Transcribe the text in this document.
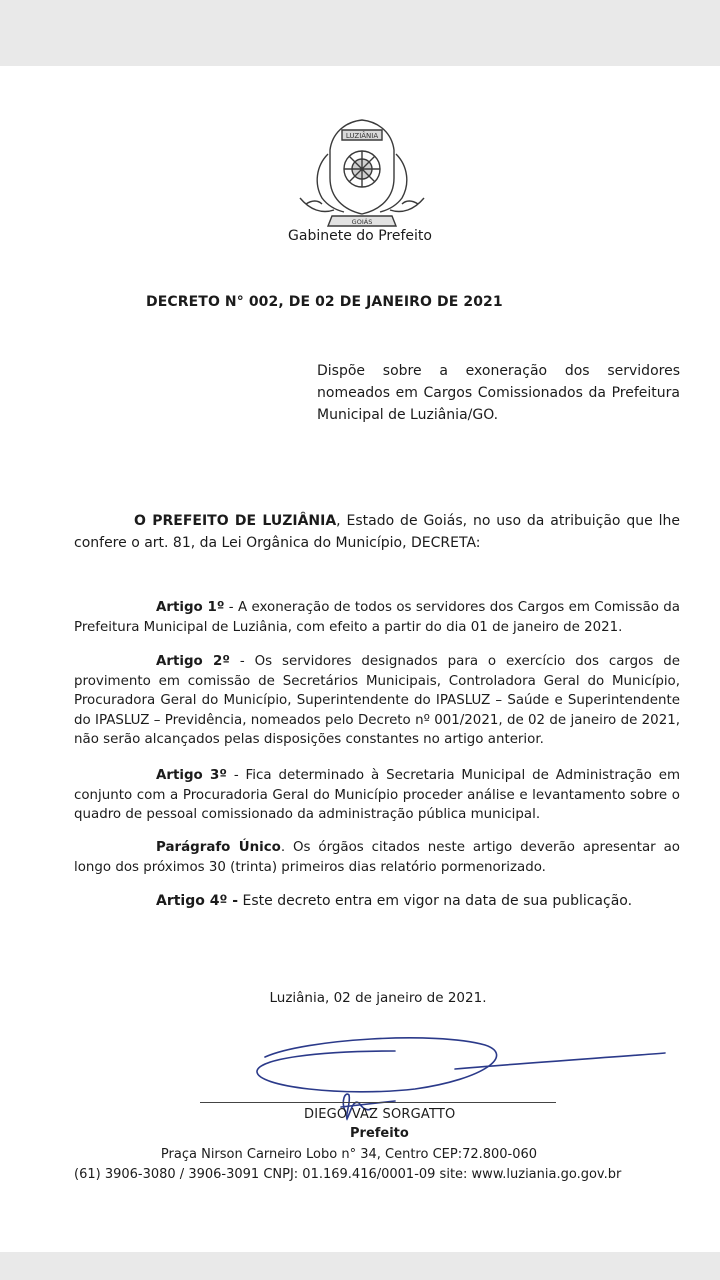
LUZIÂNIA
GOIÁS
Gabinete do Prefeito
DECRETO N° 002, DE 02 DE JANEIRO DE 2021
Dispõe sobre a exoneração dos servidores nomeados em Cargos Comissionados da Prefeitura Municipal de Luziânia/GO.
O PREFEITO DE LUZIÂNIA, Estado de Goiás, no uso da atribuição que lhe confere o art. 81, da Lei Orgânica do Município, DECRETA:
Artigo 1º - A exoneração de todos os servidores dos Cargos em Comissão da Prefeitura Municipal de Luziânia, com efeito a partir do dia 01 de janeiro de 2021.
Artigo 2º - Os servidores designados para o exercício dos cargos de provimento em comissão de Secretários Municipais, Controladora Geral do Município, Procuradora Geral do Município, Superintendente do IPASLUZ – Saúde e Superintendente do IPASLUZ – Previdência, nomeados pelo Decreto nº 001/2021, de 02 de janeiro de 2021, não serão alcançados pelas disposições constantes no artigo anterior.
Artigo 3º - Fica determinado à Secretaria Municipal de Administração em conjunto com a Procuradoria Geral do Município proceder análise e levantamento sobre o quadro de pessoal comissionado da administração pública municipal.
Parágrafo Único. Os órgãos citados neste artigo deverão apresentar ao longo dos próximos 30 (trinta) primeiros dias relatório pormenorizado.
Artigo 4º - Este decreto entra em vigor na data de sua publicação.
Luziânia, 02 de janeiro de 2021.
DIEGO VAZ SORGATTO
Prefeito
Praça Nirson Carneiro Lobo n° 34, Centro CEP:72.800-060
(61) 3906-3080 / 3906-3091 CNPJ: 01.169.416/0001-09 site: www.luziania.go.gov.br
